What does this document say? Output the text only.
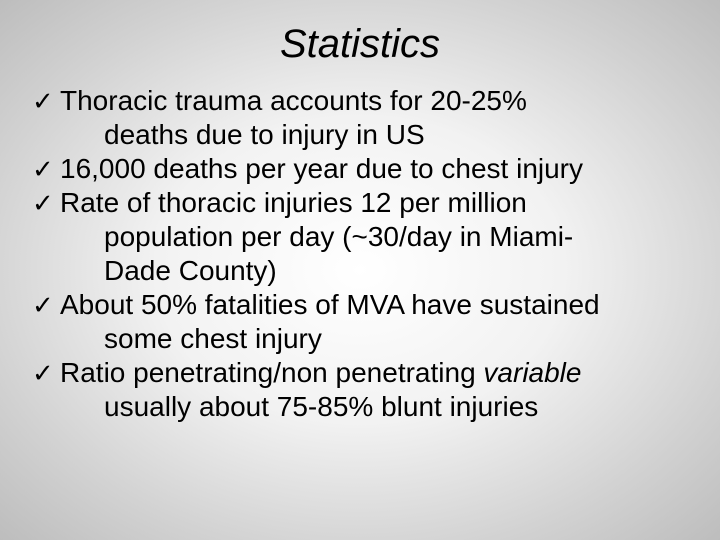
Statistics
✓ Thoracic trauma accounts for 20-25%
deaths due to injury in US
✓ 16,000 deaths per year due to chest injury
✓ Rate of thoracic injuries 12 per million
population per day (~30/day in Miami-
Dade County)
✓ About 50% fatalities of MVA have sustained
some chest injury
✓ Ratio penetrating/non penetrating variable
usually about 75-85% blunt injuries
